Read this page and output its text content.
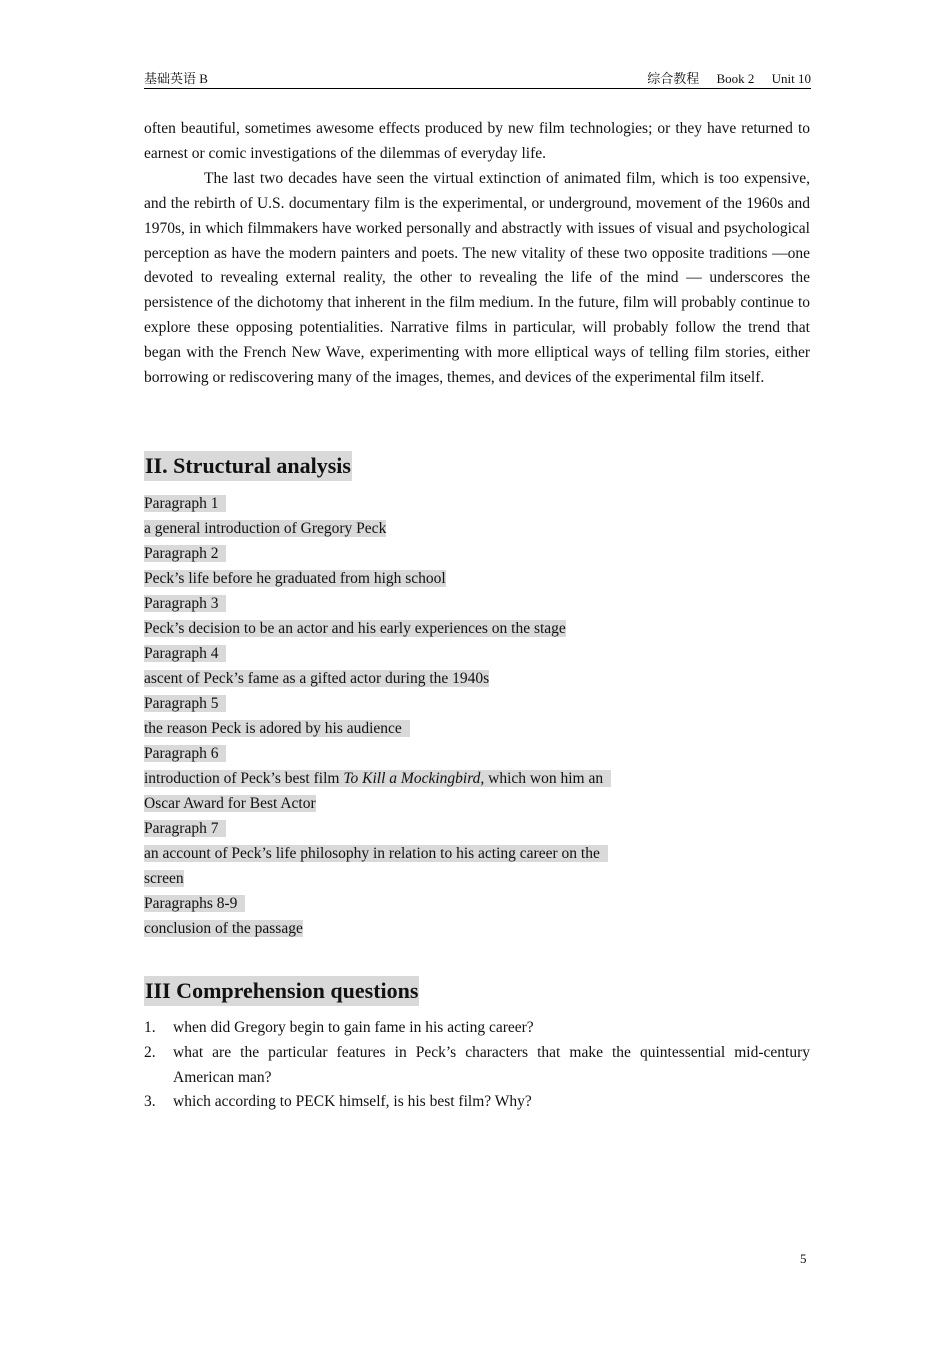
基础英语 B	综合教程 Book 2 Unit 10

often beautiful, sometimes awesome effects produced by new film technologies; or they have returned to earnest or comic investigations of the dilemmas of everyday life.

The last two decades have seen the virtual extinction of animated film, which is too expensive, and the rebirth of U.S. documentary film is the experimental, or underground, movement of the 1960s and 1970s, in which filmmakers have worked personally and abstractly with issues of visual and psychological perception as have the modern painters and poets. The new vitality of these two opposite traditions —one devoted to revealing external reality, the other to revealing the life of the mind — underscores the persistence of the dichotomy that inherent in the film medium. In the future, film will probably continue to explore these opposing potentialities. Narrative films in particular, will probably follow the trend that began with the French New Wave, experimenting with more elliptical ways of telling film stories, either borrowing or rediscovering many of the images, themes, and devices of the experimental film itself.

II. Structural analysis
Paragraph 1
a general introduction of Gregory Peck
Paragraph 2
Peck’s life before he graduated from high school
Paragraph 3
Peck’s decision to be an actor and his early experiences on the stage
Paragraph 4
ascent of Peck’s fame as a gifted actor during the 1940s
Paragraph 5
the reason Peck is adored by his audience
Paragraph 6
introduction of Peck’s best film To Kill a Mockingbird, which won him an
Oscar Award for Best Actor
Paragraph 7
an account of Peck’s life philosophy in relation to his acting career on the
screen
Paragraphs 8-9
conclusion of the passage
III Comprehension questions
1.	when did Gregory begin to gain fame in his acting career?
2.	what are the particular features in Peck’s characters that make the quintessential mid-century American man?
3.	which according to PECK himself, is his best film? Why?
5
